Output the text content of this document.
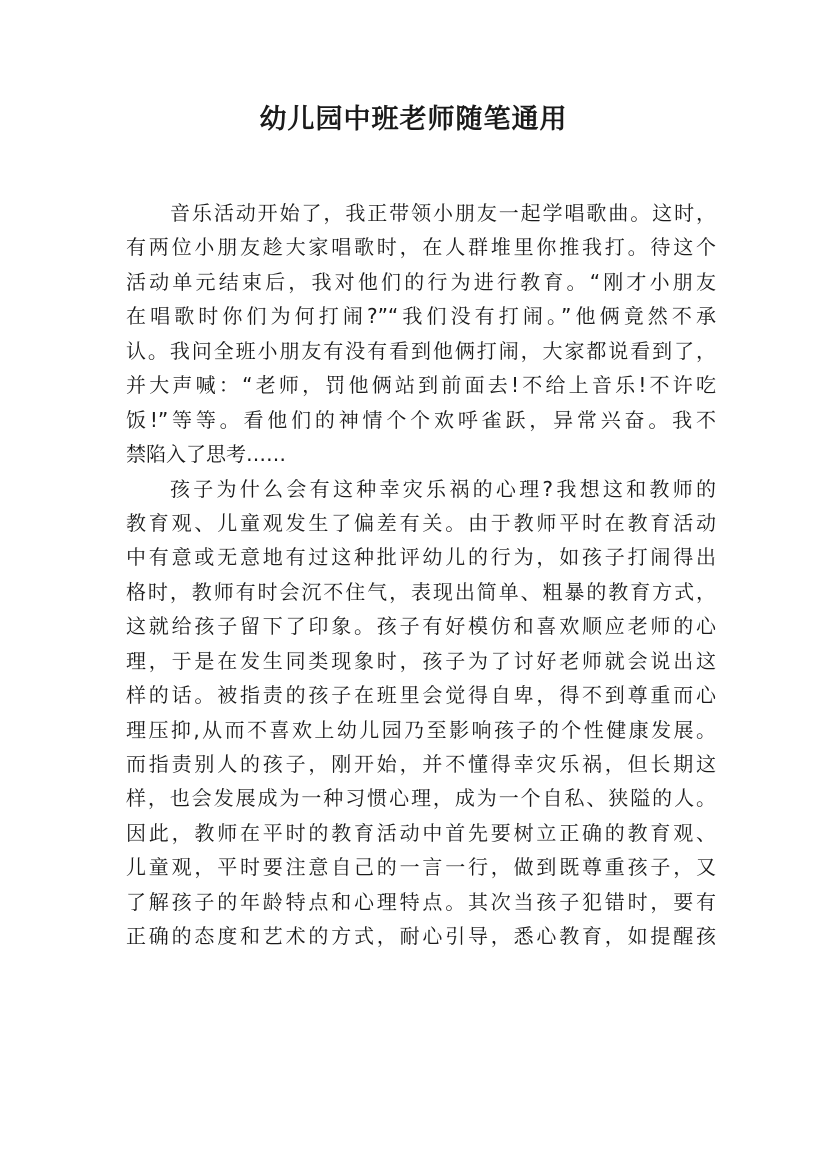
幼儿园中班老师随笔通用
音乐活动开始了，我正带领小朋友一起学唱歌曲。这时，
有两位小朋友趁大家唱歌时，在人群堆里你推我打。待这个
活动单元结束后，我对他们的行为进行教育。“刚才小朋友
在唱歌时你们为何打闹?”“我们没有打闹。”他俩竟然不承
认。我问全班小朋友有没有看到他俩打闹，大家都说看到了，
并大声喊：“老师，罚他俩站到前面去!不给上音乐!不许吃
饭!”等等。看他们的神情个个欢呼雀跃，异常兴奋。我不
禁陷入了思考……
孩子为什么会有这种幸灾乐祸的心理?我想这和教师的
教育观、儿童观发生了偏差有关。由于教师平时在教育活动
中有意或无意地有过这种批评幼儿的行为，如孩子打闹得出
格时，教师有时会沉不住气，表现出简单、粗暴的教育方式，
这就给孩子留下了印象。孩子有好模仿和喜欢顺应老师的心
理，于是在发生同类现象时，孩子为了讨好老师就会说出这
样的话。被指责的孩子在班里会觉得自卑，得不到尊重而心
理压抑,从而不喜欢上幼儿园乃至影响孩子的个性健康发展。
而指责别人的孩子，刚开始，并不懂得幸灾乐祸，但长期这
样，也会发展成为一种习惯心理，成为一个自私、狭隘的人。
因此，教师在平时的教育活动中首先要树立正确的教育观、
儿童观，平时要注意自己的一言一行，做到既尊重孩子，又
了解孩子的年龄特点和心理特点。其次当孩子犯错时，要有
正确的态度和艺术的方式，耐心引导，悉心教育，如提醒孩
